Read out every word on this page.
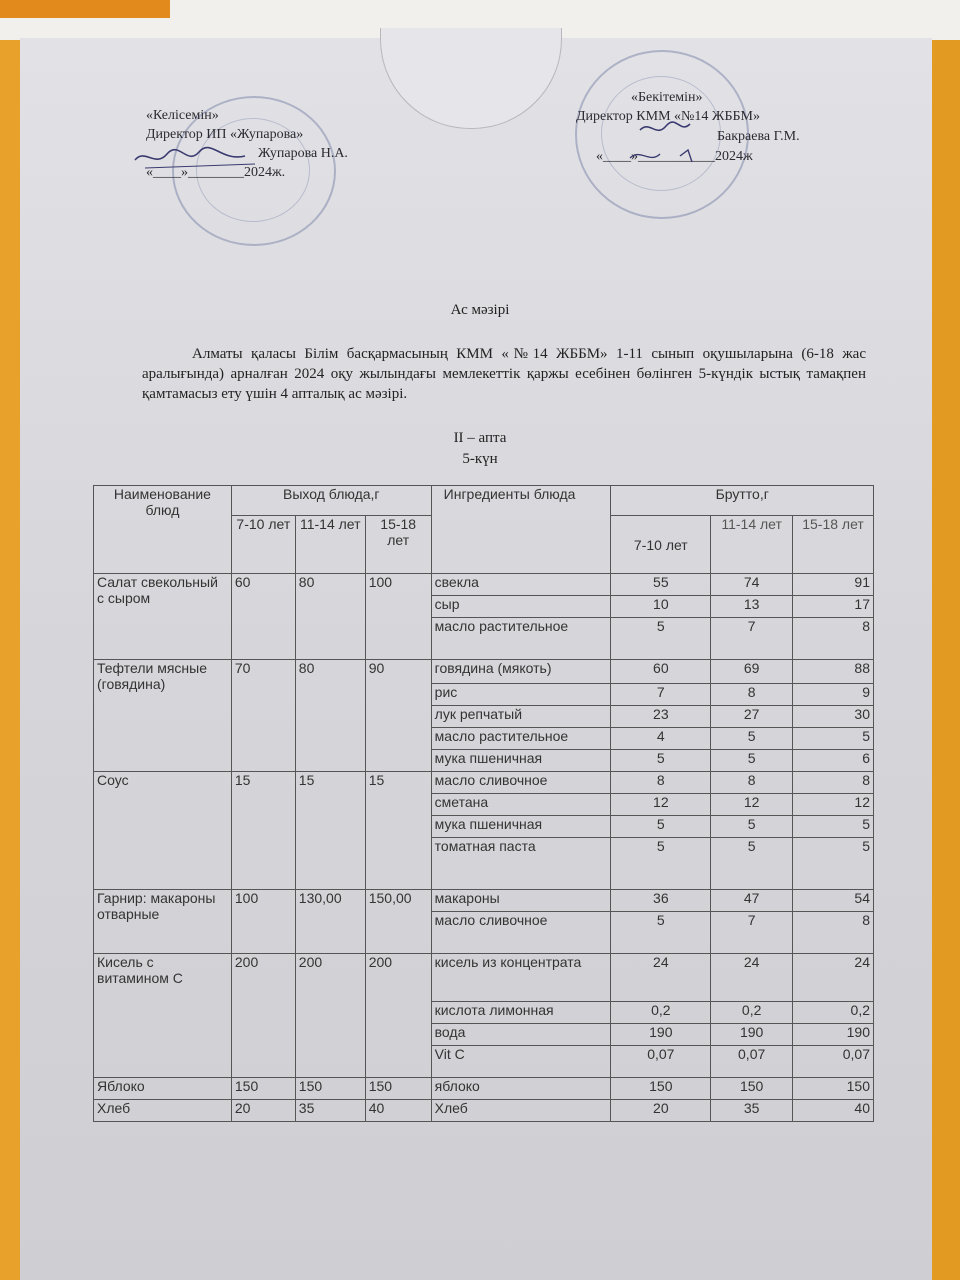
«Келісемін»
Директор ИП «Жупарова»
Жупарова Н.А.
«____»________2024ж.
«Бекітемін»
Директор КММ «№14 ЖББМ»
Бакраева Г.М.
«____»___________2024ж
Ас мәзірі
Алматы қаласы Білім басқармасының КММ «№14 ЖББМ» 1-11 сынып оқушыларына (6-18 жас аралығында) арналған 2024 оқу жылындағы мемлекеттік қаржы есебінен бөлінген 5-күндік ыстық тамақпен қамтамасыз ету үшін 4 апталық ас мәзірі.
II – апта
5-күн
Наименование блюд	Выход блюда,г			Ингредиенты блюда	Брутто,г		
	7-10 лет	11-14 лет	15-18 лет		7-10 лет	11-14 лет	15-18 лет
Салат свекольный с сыром	60	80	100	свекла	55	74	91
				сыр	10	13	17
				масло растительное	5	7	8
Тефтели мясные (говядина)	70	80	90	говядина (мякоть)	60	69	88
				рис	7	8	9
				лук репчатый	23	27	30
				масло растительное	4	5	5
				мука пшеничная	5	5	6
Соус	15	15	15	масло сливочное	8	8	8
				сметана	12	12	12
				мука пшеничная	5	5	5
				томатная паста	5	5	5
Гарнир: макароны отварные	100	130,00	150,00	макароны	36	47	54
				масло сливочное	5	7	8
Кисель с витамином С	200	200	200	кисель из концентрата	24	24	24
				кислота лимонная	0,2	0,2	0,2
				вода	190	190	190
				Vit C	0,07	0,07	0,07
Яблоко	150	150	150	яблоко	150	150	150
Хлеб	20	35	40	Хлеб	20	35	40
